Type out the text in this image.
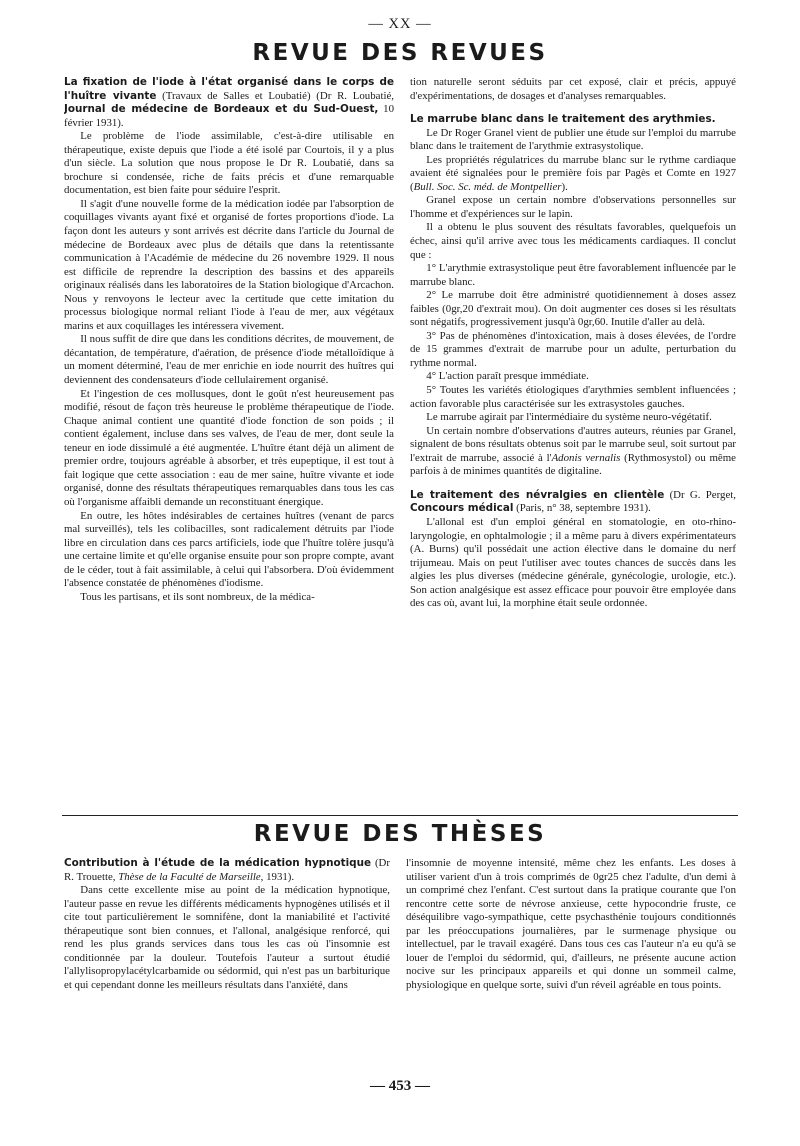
— XX —
REVUE DES REVUES

La fixation de l'iode à l'état organisé dans le corps de l'huître vivante (Travaux de Salles et Loubatié) (Dr R. Loubatié, Journal de médecine de Bordeaux et du Sud-Ouest, 10 février 1931).

Le problème de l'iode assimilable, c'est-à-dire utilisable en thérapeutique, existe depuis que l'iode a été isolé par Courtois, il y a plus d'un siècle. La solution que nous propose le Dr R. Loubatié, dans sa brochure si condensée, riche de faits précis et d'une remarquable documentation, est bien faite pour séduire l'esprit.

Il s'agit d'une nouvelle forme de la médication iodée par l'absorption de coquillages vivants ayant fixé et organisé de fortes proportions d'iode. La façon dont les auteurs y sont arrivés est décrite dans l'article du Journal de médecine de Bordeaux avec plus de détails que dans la retentissante communication à l'Académie de médecine du 26 novembre 1929. Il nous est difficile de reprendre la description des bassins et des appareils originaux réalisés dans les laboratoires de la Station biologique d'Arcachon. Nous y renvoyons le lecteur avec la certitude que cette imitation du processus biologique normal reliant l'iode à l'eau de mer, aux végétaux marins et aux coquillages les intéressera vivement.

Il nous suffit de dire que dans les conditions décrites, de mouvement, de décantation, de température, d'aération, de présence d'iode métalloïdique à un moment déterminé, l'eau de mer enrichie en iode nourrit des huîtres qui deviennent des condensateurs d'iode cellulairement organisé.

Et l'ingestion de ces mollusques, dont le goût n'est heureusement pas modifié, résout de façon très heureuse le problème thérapeutique de l'iode. Chaque animal contient une quantité d'iode fonction de son poids ; il contient également, incluse dans ses valves, de l'eau de mer, dont seule la teneur en iode dissimulé a été augmentée. L'huître étant déjà un aliment de premier ordre, toujours agréable à absorber, et très eupeptique, il est tout à fait logique que cette association : eau de mer saine, huître vivante et iode organisé, donne des résultats thérapeutiques remarquables dans tous les cas où l'organisme affaibli demande un reconstituant énergique.

En outre, les hôtes indésirables de certaines huîtres (venant de parcs mal surveillés), tels les colibacilles, sont radicalement détruits par l'iode libre en circulation dans ces parcs artificiels, iode que l'huître tolère jusqu'à une certaine limite et qu'elle organise ensuite pour son propre compte, avant de le céder, tout à fait assimilable, à celui qui l'absorbera. D'où évidemment l'absence constatée de phénomènes d'iodisme.

Tous les partisans, et ils sont nombreux, de la médica-

tion naturelle seront séduits par cet exposé, clair et précis, appuyé d'expérimentations, de dosages et d'analyses remarquables.

Le marrube blanc dans le traitement des arythmies.

Le Dr Roger Granel vient de publier une étude sur l'emploi du marrube blanc dans le traitement de l'arythmie extrasystolique.

Les propriétés régulatrices du marrube blanc sur le rythme cardiaque avaient été signalées pour le première fois par Pagès et Comte en 1927 (Bull. Soc. Sc. méd. de Montpellier).

Granel expose un certain nombre d'observations personnelles sur l'homme et d'expériences sur le lapin.

Il a obtenu le plus souvent des résultats favorables, quelquefois un échec, ainsi qu'il arrive avec tous les médicaments cardiaques. Il conclut que :

1° L'arythmie extrasystolique peut être favorablement influencée par le marrube blanc.

2° Le marrube doit être administré quotidiennement à doses assez faibles (0gr,20 d'extrait mou). On doit augmenter ces doses si les résultats sont négatifs, progressivement jusqu'à 0gr,60. Inutile d'aller au delà.

3° Pas de phénomènes d'intoxication, mais à doses élevées, de l'ordre de 15 grammes d'extrait de marrube pour un adulte, perturbation du rythme normal.

4° L'action paraît presque immédiate.

5° Toutes les variétés étiologiques d'arythmies semblent influencées ; action favorable plus caractérisée sur les extrasystoles gauches.

Le marrube agirait par l'intermédiaire du système neuro-végétatif.

Un certain nombre d'observations d'autres auteurs, réunies par Granel, signalent de bons résultats obtenus soit par le marrube seul, soit surtout par l'extrait de marrube, associé à l'Adonis vernalis (Rythmosystol) ou même parfois à de minimes quantités de digitaline.

Le traitement des névralgies en clientèle (Dr G. Perget, Concours médical (Paris, n° 38, septembre 1931).

L'allonal est d'un emploi général en stomatologie, en oto-rhino-laryngologie, en ophtalmologie ; il a même paru à divers expérimentateurs (A. Burns) qu'il possédait une action élective dans le domaine du nerf trijumeau. Mais on peut l'utiliser avec toutes chances de succès dans les algies les plus diverses (médecine générale, gynécologie, urologie, etc.). Son action analgésique est assez efficace pour pouvoir être employée dans des cas où, avant lui, la morphine était seule ordonnée.

REVUE DES THÈSES

Contribution à l'étude de la médication hypnotique (Dr R. Trouette, Thèse de la Faculté de Marseille, 1931).

Dans cette excellente mise au point de la médication hypnotique, l'auteur passe en revue les différents médicaments hypnogènes utilisés et il cite tout particulièrement le somnifène, dont la maniabilité et l'activité thérapeutique sont bien connues, et l'allonal, analgésique renforcé, qui rend les plus grands services dans tous les cas où l'insomnie est conditionnée par la douleur. Toutefois l'auteur a surtout étudié l'allylisopropylacétylcarbamide ou sédormid, qui n'est pas un barbiturique et qui cependant donne les meilleurs résultats dans l'anxiété, dans

l'insomnie de moyenne intensité, même chez les enfants. Les doses à utiliser varient d'un à trois comprimés de 0gr25 chez l'adulte, d'un demi à un comprimé chez l'enfant. C'est surtout dans la pratique courante que l'on rencontre cette sorte de névrose anxieuse, cette hypocondrie fruste, ce déséquilibre vago-sympathique, cette psychasthénie toujours conditionnés par les préoccupations journalières, par le surmenage physique ou intellectuel, par le travail exagéré. Dans tous ces cas l'auteur n'a eu qu'à se louer de l'emploi du sédormid, qui, d'ailleurs, ne présente aucune action nocive sur les principaux appareils et qui donne un sommeil calme, physiologique en quelque sorte, suivi d'un réveil agréable en tous points.

— 453 —
